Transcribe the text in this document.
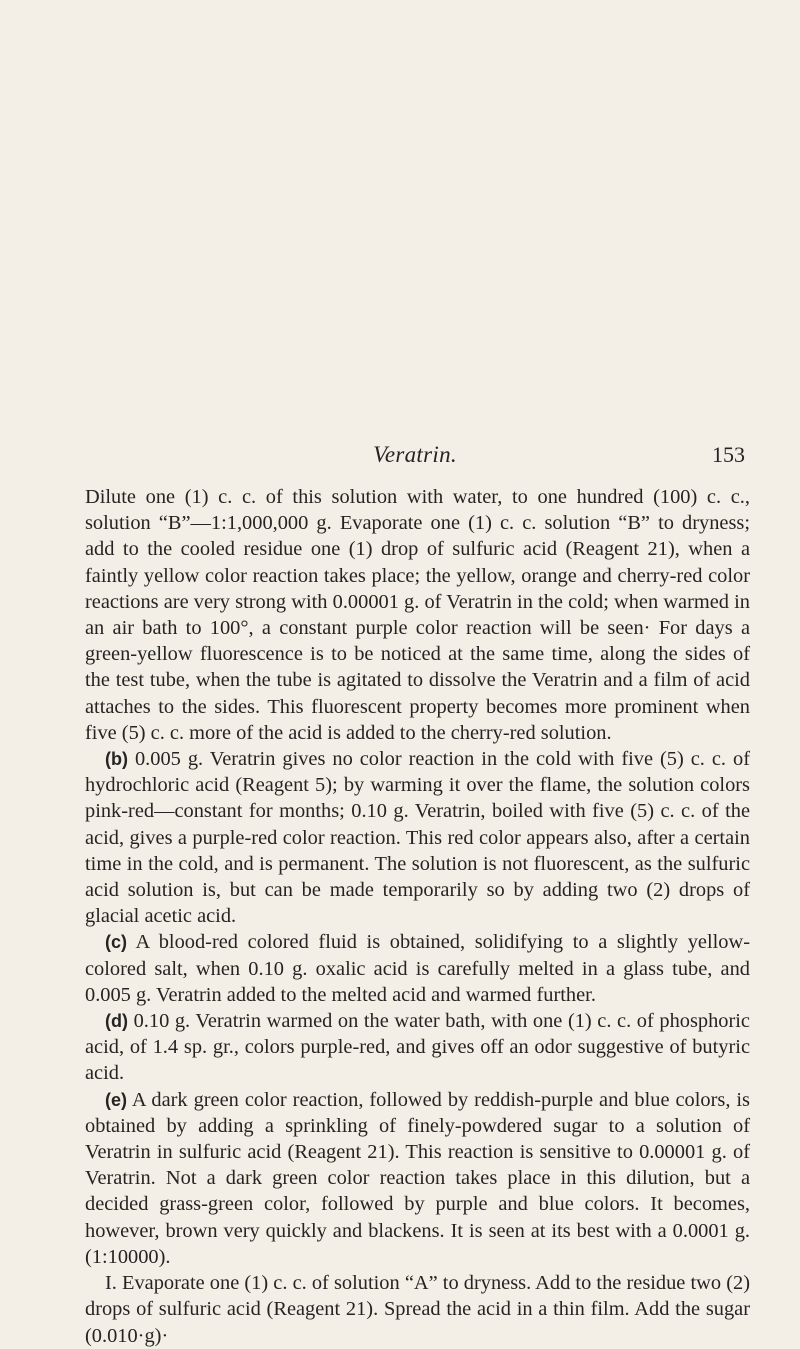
Veratrin.	153

Dilute one (1) c. c. of this solution with water, to one hundred (100) c. c., solution “B”—1:1,000,000 g. Evaporate one (1) c. c. solution “B” to dryness; add to the cooled residue one (1) drop of sulfuric acid (Reagent 21), when a faintly yellow color reaction takes place; the yellow, orange and cherry-red color reactions are very strong with 0.00001 g. of Veratrin in the cold; when warmed in an air bath to 100°, a constant purple color reaction will be seen· For days a green-yellow fluorescence is to be noticed at the same time, along the sides of the test tube, when the tube is agitated to dissolve the Veratrin and a film of acid attaches to the sides. This fluorescent property becomes more prominent when five (5) c. c. more of the acid is added to the cherry-red solution.

(b) 0.005 g. Veratrin gives no color reaction in the cold with five (5) c. c. of hydrochloric acid (Reagent 5); by warming it over the flame, the solution colors pink-red—constant for months; 0.10 g. Veratrin, boiled with five (5) c. c. of the acid, gives a purple-red color reaction. This red color appears also, after a certain time in the cold, and is permanent. The solution is not fluorescent, as the sulfuric acid solution is, but can be made temporarily so by adding two (2) drops of glacial acetic acid.

(c) A blood-red colored fluid is obtained, solidifying to a slightly yellow-colored salt, when 0.10 g. oxalic acid is carefully melted in a glass tube, and 0.005 g. Veratrin added to the melted acid and warmed further.

(d) 0.10 g. Veratrin warmed on the water bath, with one (1) c. c. of phosphoric acid, of 1.4 sp. gr., colors purple-red, and gives off an odor suggestive of butyric acid.

(e) A dark green color reaction, followed by reddish-purple and blue colors, is obtained by adding a sprinkling of finely-powdered sugar to a solution of Veratrin in sulfuric acid (Reagent 21). This reaction is sensitive to 0.00001 g. of Veratrin. Not a dark green color reaction takes place in this dilution, but a decided grass-green color, followed by purple and blue colors. It becomes, however, brown very quickly and blackens. It is seen at its best with a 0.0001 g. (1:10000).

I. Evaporate one (1) c. c. of solution “A” to dryness. Add to the residue two (2) drops of sulfuric acid (Reagent 21). Spread the acid in a thin film. Add the sugar (0.010·g)·
